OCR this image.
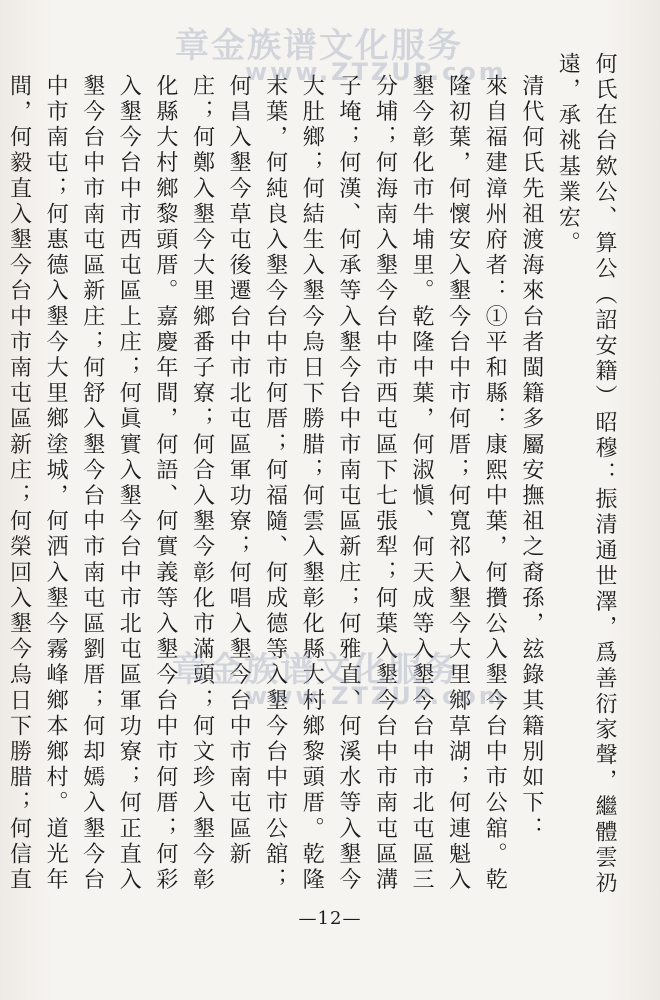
何氏在台欸公、算公（詔安籍）昭穆：振清通世澤，爲善衍家聲，繼體雲礽遠，承祧基業宏。

清代何氏先祖渡海來台者閩籍多屬安撫祖之裔孫，玆錄其籍別如下：

來自福建漳州府者：①平和縣：康熙中葉，何攢公入墾今台中市公舘。乾隆初葉，何懷安入墾今台中市何厝；何寬祁入墾今大里鄉草湖；何連魁入墾今彰化市牛埔里。乾隆中葉，何淑愼、何天成等入墾今台中市北屯區三分埔；何海南入墾今台中市西屯區下七張犁；何葉入墾今台中市南屯區溝子埯；何漢、何承等入墾今台中市南屯區新庄；何雅直、何溪水等入墾今大肚鄉；何結生入墾今烏日下勝腊；何雲入墾彰化縣大村鄉黎頭厝。乾隆末葉，何純良入墾今台中市何厝；何福隨、何成德等入墾今台中市公舘；何昌入墾今草屯後遷台中市北屯區軍功寮；何唱入墾今台中市南屯區新庄；何鄭入墾今大里鄉番子寮；何合入墾今彰化市滿頭；何文珍入墾今彰化縣大村鄉黎頭厝。嘉慶年間，何語、何實義等入墾今台中市何厝；何彩入墾今台中市西屯區上庄；何眞實入墾今台中市北屯區軍功寮；何正直入墾今台中市南屯區新庄；何舒入墾今台中市南屯區劉厝；何却嫣入墾今台中市南屯；何惠德入墾今大里鄉塗城，何洒入墾今霧峰鄉本鄉村。道光年間，何毅直入墾今台中市南屯區新庄；何榮回入墾今烏日下勝腊；何信直

章金族谱文化服务
www.ZTZUP.com
章金族谱文化服务
www.ZTZUP.com
—12—
